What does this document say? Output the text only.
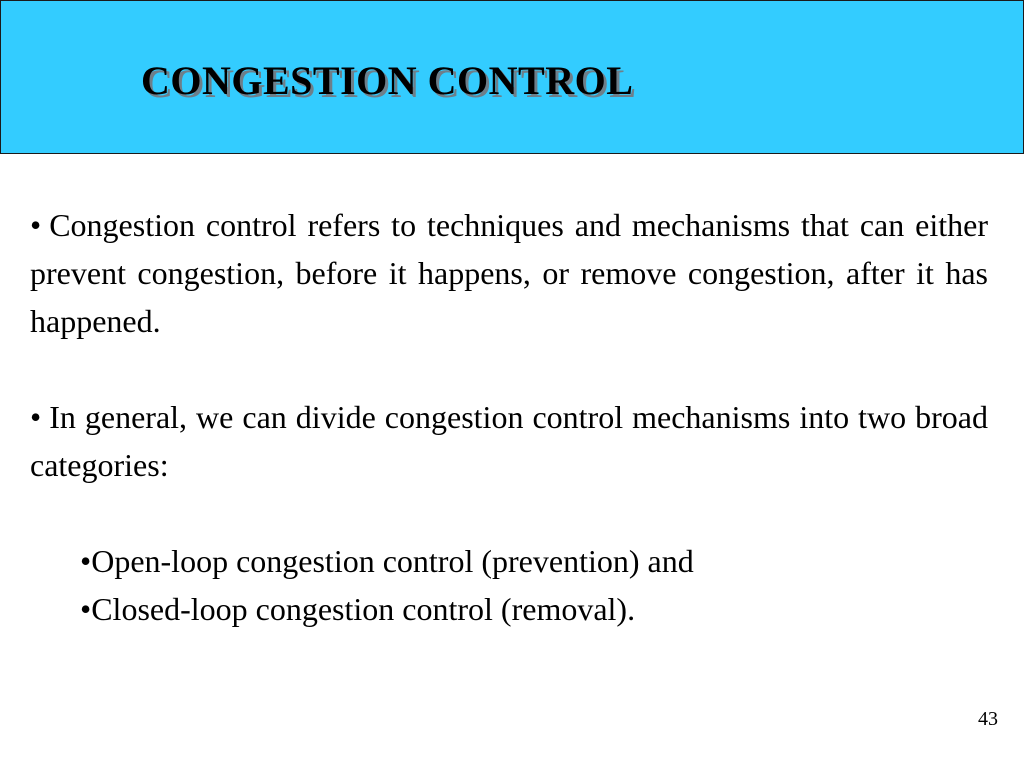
CONGESTION CONTROL

• Congestion control refers to techniques and mechanisms that can either prevent congestion, before it happens, or remove congestion, after it has happened.

• In general, we can divide congestion control mechanisms into two broad categories:

•Open-loop congestion control (prevention) and
•Closed-loop congestion control (removal).
43
